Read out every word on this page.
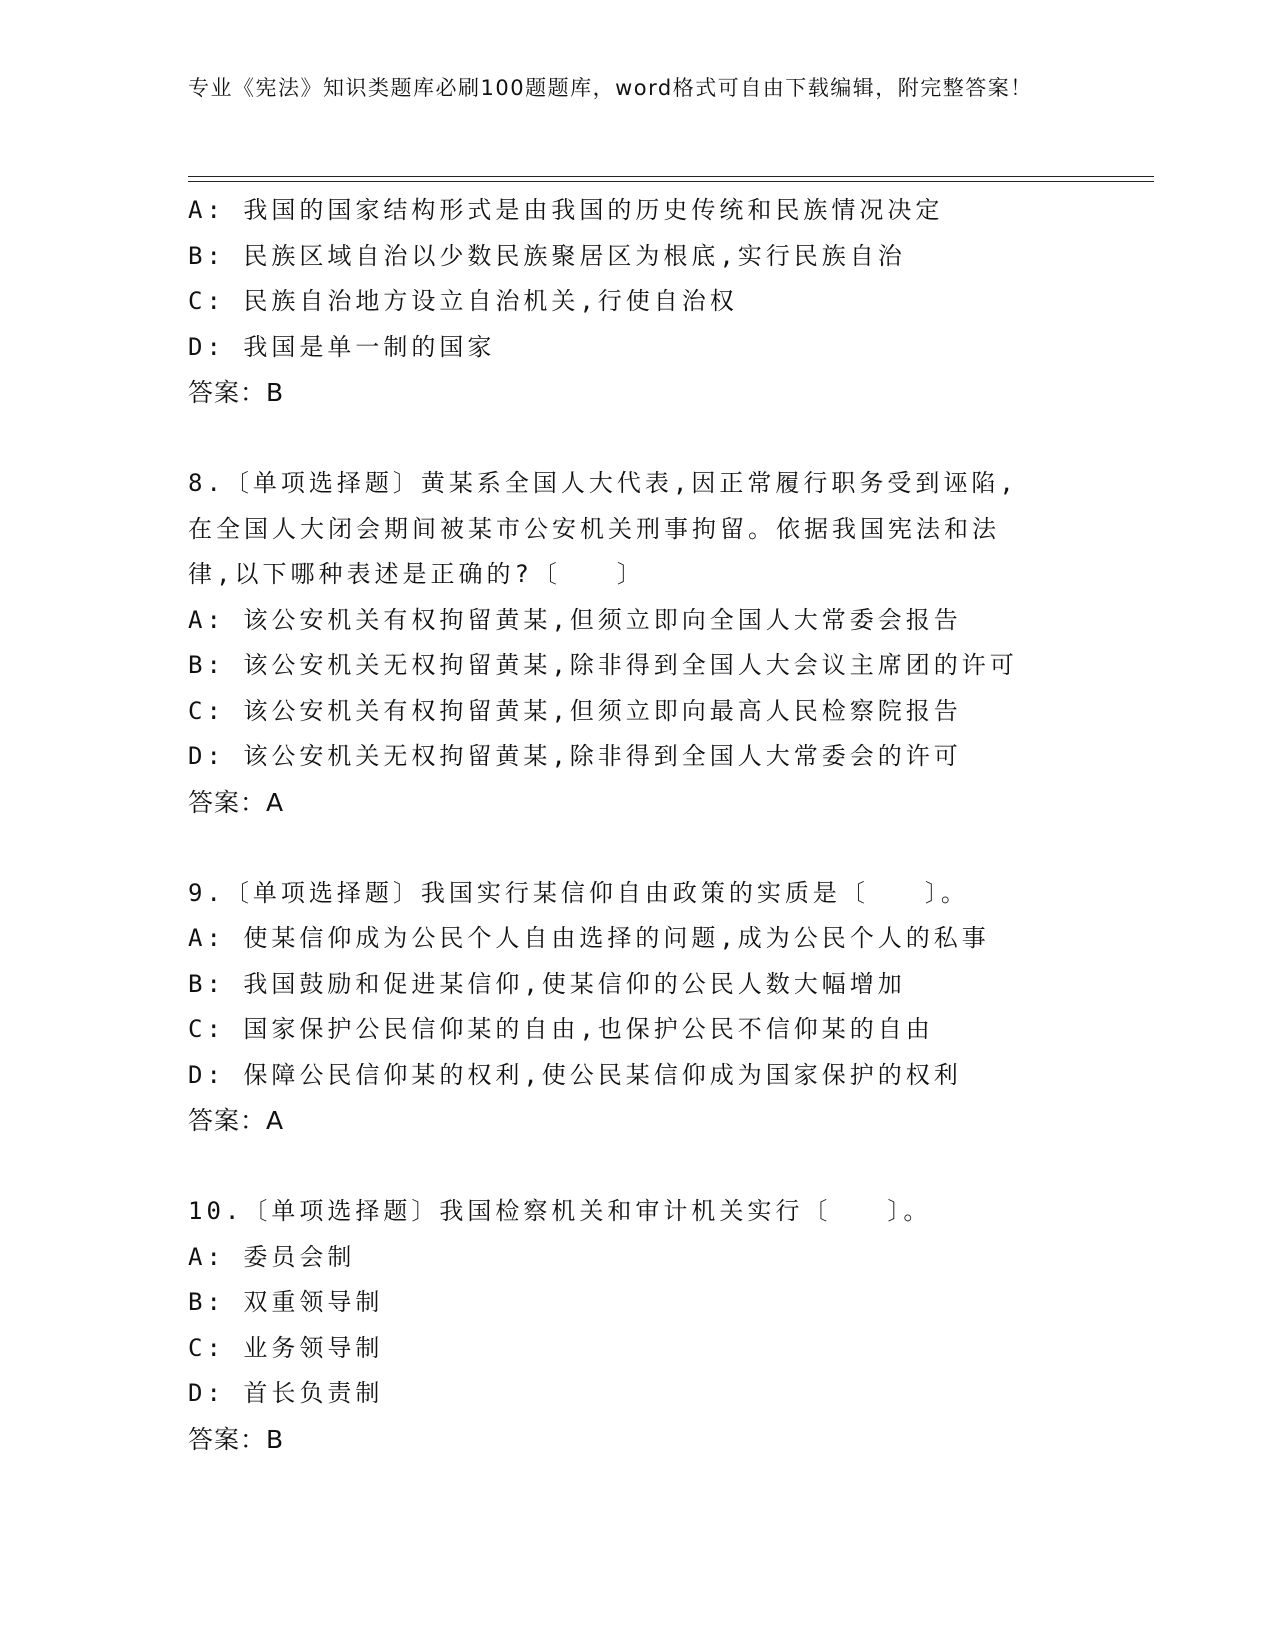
专业《宪法》知识类题库必刷100题题库，word格式可自由下载编辑，附完整答案！
A: 我国的国家结构形式是由我国的历史传统和民族情况决定
B: 民族区域自治以少数民族聚居区为根底,实行民族自治
C: 民族自治地方设立自治机关,行使自治权
D: 我国是单一制的国家
答案：B
8.〔单项选择题〕黄某系全国人大代表,因正常履行职务受到诬陷,在全国人大闭会期间被某市公安机关刑事拘留。依据我国宪法和法律,以下哪种表述是正确的?〔　　〕
A: 该公安机关有权拘留黄某,但须立即向全国人大常委会报告
B: 该公安机关无权拘留黄某,除非得到全国人大会议主席团的许可
C: 该公安机关有权拘留黄某,但须立即向最高人民检察院报告
D: 该公安机关无权拘留黄某,除非得到全国人大常委会的许可
答案：A
9.〔单项选择题〕我国实行某信仰自由政策的实质是〔　　〕。
A: 使某信仰成为公民个人自由选择的问题,成为公民个人的私事
B: 我国鼓励和促进某信仰,使某信仰的公民人数大幅增加
C: 国家保护公民信仰某的自由,也保护公民不信仰某的自由
D: 保障公民信仰某的权利,使公民某信仰成为国家保护的权利
答案：A
10.〔单项选择题〕我国检察机关和审计机关实行〔　　〕。
A: 委员会制
B: 双重领导制
C: 业务领导制
D: 首长负责制
答案：B
